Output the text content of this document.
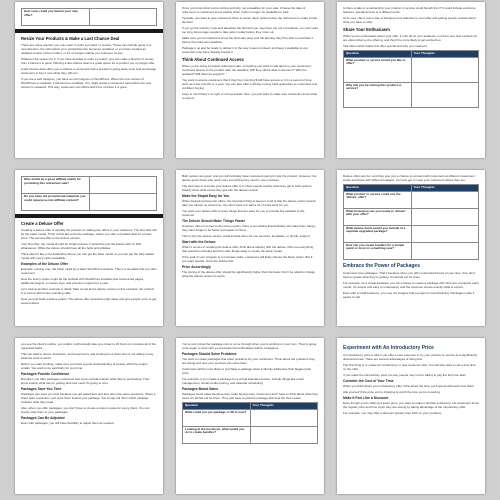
How soon could you launch your new offer?	
Resize Your Products & Make a Last Chance Deal

There are many reasons you may want to retire a product or service. These can include going in a new direction, the information your product/service becomes outdated, or you have created an updated version of the product, or it's no longer making you customer money.

Whatever the reason for it, if you have decided to retire a product, you can make a final bit of money from it before it is gone. Offering a last chance deal is a great option for a product you no longer offer.

A last chance deal offers you a chance to announce that a product is going away soon and encourage customers to buy it now while they still can.

If you are a web designer, you have an old program on WordPress. When the next version of WordPress is released, it will become outdated. You might create a retirement sale before the new version is released. This way, customers can still benefit from it before it is gone.

Once you know what you're retiring and why, set a deadline for your sale. Choose the date of retirement so customers know exactly when it will no longer be available for sale.

Typically, you want to give customers three to seven days' notice before the retirement to make a final decision.

If you go the scarcity route and advertise the fact that you may have run out of products, you can't wait too long. Encourage people to take action today before they miss out.

Make sure you let customers know the final sale price and the last day they'll be able to purchase it before the retirement deadline.

Package it up and be ready to deliver it in the way it was promised, and keep it available to any customers who have already bought it.

Think About Continued Access

When you're doing a product retirement sale, something you want to talk about is your customers' continued access to the product after the deadline. Will they still be able to access it? Will it be updated? Will there be support?

You want to assure customers that if they buy now they'll still have access to it for a period of time, such as a few months or a year. You can also offer a 30-day money back guarantee so customers feel confident buying.

Keep in mind there's no right or wrong answer here; you just want to make sure customers know what to expect.

Is there a sale or a partnership your product or service could benefit from? It could include exclusive features, special access or a different price.

At its core, this is just a way of bringing more attention to your offer and getting people excited about what you have to offer.

Share Your Enthusiasm

When you're enthusiastic about your offer, it rubs off on your audience. Let them see how excited you are about what you're offering, and they'll be more likely to get excited too.

Talk about what makes this offer special and why you created it.

Question	Your Thoughts
What product or service would you like to offer?	
Why will you be retiring this product or service?	
Who would be a good affiliate match for promoting this retirement sale?	
Do you have old promotional materials you could repurpose into affiliate content?	
Create a Deluxe Offer

Creating a deluxe offer is actually the process of making two offers to your audience. The first offer will be the basic model. Think of this like a bronze package, where you offer a bundled deal for a lower price. The second offer is the deluxe version.

Your first offer, the model should be stripped down. It should be just the basics with no frills whatsoever. While the deluxe should have all the bells and whistles.

Think about it like a car dealership where you can get the base model or you can get the fully loaded model with every option available.

Examples of the Deluxe Offer

Example: number one: the basic might be a basic WordPress website. This is a template that you offer customers.

Now the luxury option might be the website with WordPress installed plus customized pages, additional plugins, a custom logo, and premium support for a year.

Let's look at another example in detail. Take a look at the deluxe version in this example; the product is a course with bonus coaching calls.

Now you just build a deluxe option. The deluxe offer should be high-value and give people more to get excited about.

Both options are good, and you will definitely have customers going for just the product. However, the deluxe gives those who want more everything they need in one purchase.

The best way to promote your deluxe offer is to show people exactly what they get in both options. Clearly show what extras they get with the deluxe version.

Make the Stupid Easy for You

When designing these two offers, the important thing to keep in mind is that the deluxe option should take you almost no extra time. You don't want it to add a lot of extra work for you.

You want your deluxe offer to have things that are easy for you to provide but valuable to the customer.

The Deluxe Should Make Things Faster

However, when it comes to the luxury option, there is something that definitely will make them happy: they want things to be faster and easier for them.

This is why the deluxe version could include done-for-you services, templates, or priority support.

Start with the Deluxe

When it comes to creating the deluxe offer, think about starting with the deluxe. Plan out everything that would be included and then strip things away to create the basic model.

If the goal of your program is to increase sales, customers will likely choose the basic option. But if you want upsells, show the deluxe first.

Price Accordingly

The pricing of the deluxe offer should be significantly higher than the basic. Don't be afraid to charge what the deluxe version is worth.

Deluxe offers are fun, and they give you a chance to connect with customers at different investment levels and those with different budgets. You truly get to meet your customers where they are.

Question	Your Thoughts
What product or service could use the 'deluxe' offer?	
What bonus(es) can you create to 'deluxe' with your offer?	
What deluxe items would you include in a separate upgraded package?	
How can you create bundles for a simple quick or more to something new?	
Embrace the Power of Packages

Customers love packages. That's because when you offer customized hours of your time, they don't have to guess what they're getting. It's all laid out for them.

For example, as a virtual assistant, you can choose to create a package with 10 hours of support each month. It's simple and easy to understand, and the customer knows exactly what to expect.

Even with a small business, you may not imagine that a project is overwhelming. Packages make it easier to sell.

you see the client's outline, you realize it will actually take you closer to 20 hours to complete all of the requested tasks.

This can lead to stress, frustration, and resentment, and working for a client who is not willing to pay what the work is worth.

Before you start working, make sure you have a good understanding of exactly what the project entails. You want to be paid fairly for your time.

Packages Provide Confidence

But when you offer packages customers feel more confident about what they're purchasing. They know exactly what they're getting and how much it's going to cost.

Packages Save You Time

Packages can save you time because you get asked less and less often the same questions. When a client asks a question, just point them toward your package. You simply tell them which package includes what they need.

Also, when you offer packages, you don't have to create a custom quote for every client. You can simply refer them to your packages.

Packages Can Be Adjusted

Even with packages, you still have flexibility to adjust them as needed.

You've just priced the package only to come through when you're working on your own. They're going to be eager to work with you because that enthusiasm will be contagious.

Packages Should Solve Problems

You want to create packages that solve problems for your customers. Think about the problems they are facing and how your services can solve them.

Customers will be more likely to purchase a package when it directly addresses their biggest pain point.

For example, if you create a package for a virtual assistant service, include things like email management, social media posting, and calendar scheduling.

Packages Boost Sales

Packages boost sales because they make buying easy. Customers don't have to think about what they need; it's all laid out for them. They just have to pick the package that best fits their needs.

Question	Your Thoughts
What could you pre-package or fill in now?	
Looking at the list above, what would you do to create bundles?	
Experiment with An Introductory Price

An introductory price is when you offer a new customer to try your product or service at a significantly discounted rate. There are several advantages of doing this.

The first thing is to create an introductory or new customer offer. You will also want to set a time limit on the offer.

If you make the introductory price too low, people may not be willing to pay the full price later.

Consider the Cost of Your Time

When you think about your introductory offer, think about the time you'll spend with each new client.

Ask yourself if the price you're charging is worth the time you're investing.

Make It Feel Like a Discount

Even though you're offering a lower price, you want to make it feel like a discount. Let customers know the regular price and how much they are saving by taking advantage of the introductory offer.

For example, you may offer a discount greater than 10% on your products.
